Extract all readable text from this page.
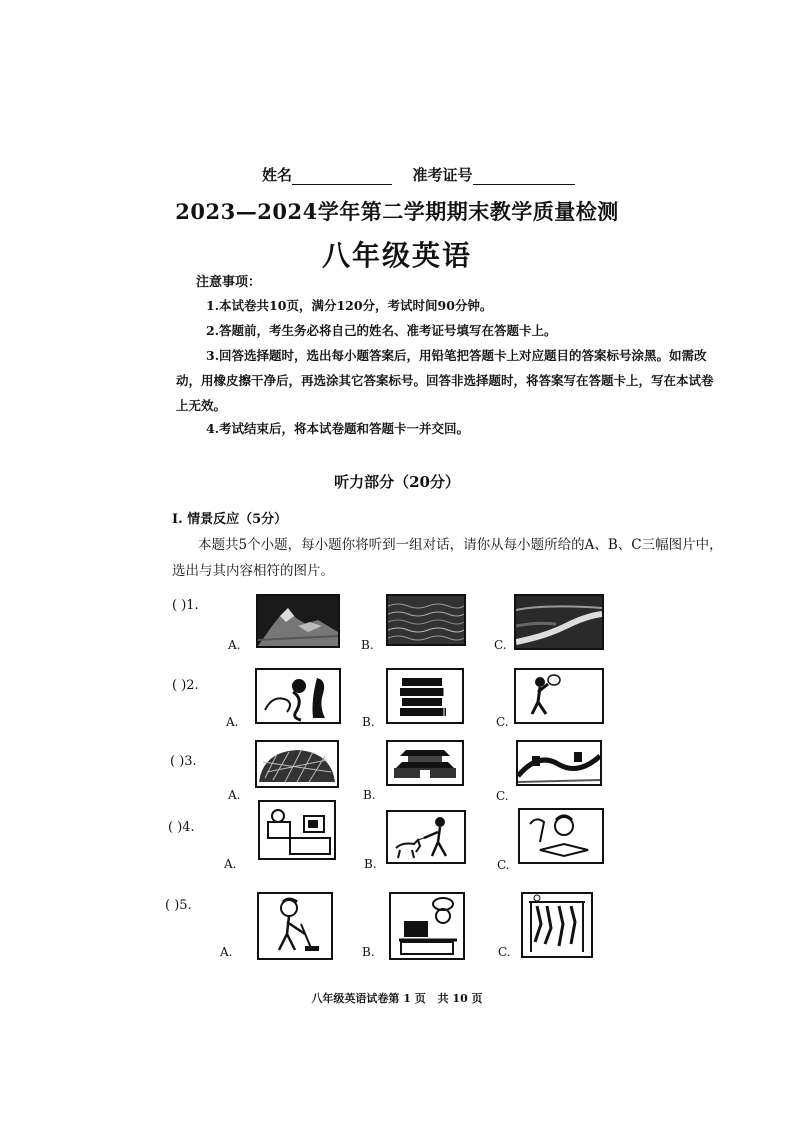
姓名	准考证号
2023—2024学年第二学期期末教学质量检测
八年级英语
注意事项：
1.本试卷共10页，满分120分，考试时间90分钟。
2.答题前，考生务必将自己的姓名、准考证号填写在答题卡上。
3.回答选择题时，选出每小题答案后，用铅笔把答题卡上对应题目的答案标号涂黑。如需改动，用橡皮擦干净后，再选涂其它答案标号。回答非选择题时，将答案写在答题卡上，写在本试卷上无效。
4.考试结束后，将本试卷题和答题卡一并交回。
听力部分（20分）
I. 情景反应（5分）
本题共5个小题，每小题你将听到一组对话，请你从每小题所给的A、B、C三幅图片中，选出与其内容相符的图片。
( )1.
A.	B.	C.
( )2.
A.	B.	C.
( )3.
A.	B.	C.
( )4.
A.	B.	C.
( )5.
A.	B.	C.
八年级英语试卷第 1 页 共 10 页
